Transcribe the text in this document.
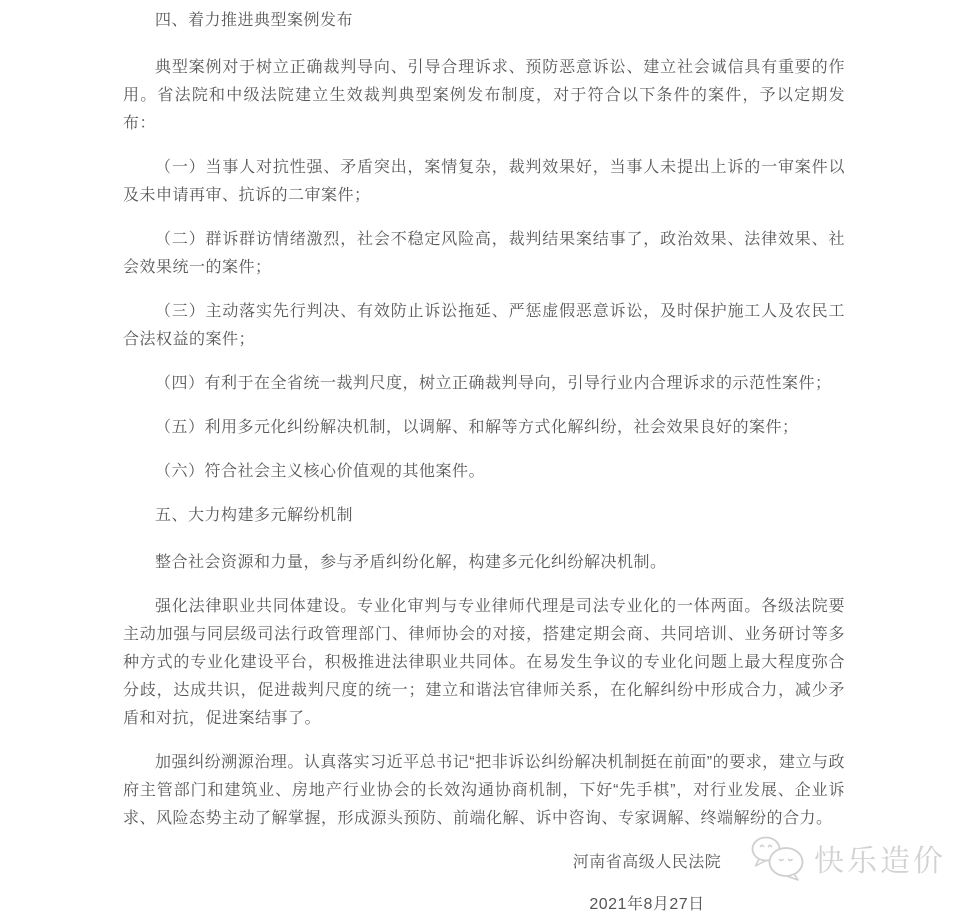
四、着力推进典型案例发布

典型案例对于树立正确裁判导向、引导合理诉求、预防恶意诉讼、建立社会诚信具有重要的作用。省法院和中级法院建立生效裁判典型案例发布制度，对于符合以下条件的案件，予以定期发布：

（一）当事人对抗性强、矛盾突出，案情复杂，裁判效果好，当事人未提出上诉的一审案件以及未申请再审、抗诉的二审案件；

（二）群诉群访情绪激烈，社会不稳定风险高，裁判结果案结事了，政治效果、法律效果、社会效果统一的案件；

（三）主动落实先行判决、有效防止诉讼拖延、严惩虚假恶意诉讼，及时保护施工人及农民工合法权益的案件；

（四）有利于在全省统一裁判尺度，树立正确裁判导向，引导行业内合理诉求的示范性案件；

（五）利用多元化纠纷解决机制，以调解、和解等方式化解纠纷，社会效果良好的案件；

（六）符合社会主义核心价值观的其他案件。

五、大力构建多元解纷机制

整合社会资源和力量，参与矛盾纠纷化解，构建多元化纠纷解决机制。

强化法律职业共同体建设。专业化审判与专业律师代理是司法专业化的一体两面。各级法院要主动加强与同层级司法行政管理部门、律师协会的对接，搭建定期会商、共同培训、业务研讨等多种方式的专业化建设平台，积极推进法律职业共同体。在易发生争议的专业化问题上最大程度弥合分歧，达成共识，促进裁判尺度的统一；建立和谐法官律师关系，在化解纠纷中形成合力，减少矛盾和对抗，促进案结事了。

加强纠纷溯源治理。认真落实习近平总书记“把非诉讼纠纷解决机制挺在前面”的要求，建立与政府主管部门和建筑业、房地产行业协会的长效沟通协商机制，下好“先手棋”，对行业发展、企业诉求、风险态势主动了解掌握，形成源头预防、前端化解、诉中咨询、专家调解、终端解纷的合力。

河南省高级人民法院

2021年8月27日

快乐造价
